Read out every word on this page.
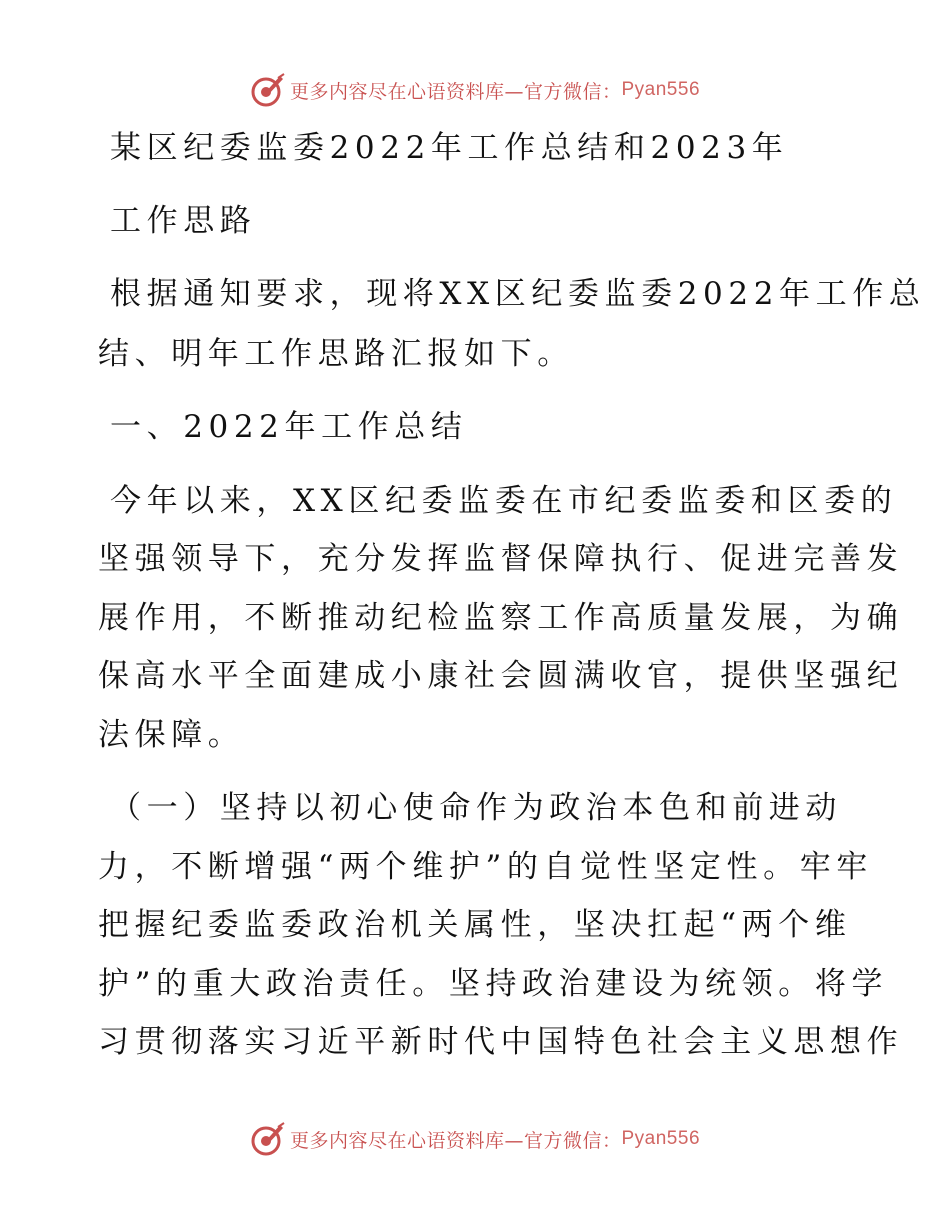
更多内容尽在心语资料库—官方微信： Pyan556
某区纪委监委2022年工作总结和2023年
工作思路
根据通知要求，现将XX区纪委监委2022年工作总
结、明年工作思路汇报如下。
一、2022年工作总结
今年以来，XX区纪委监委在市纪委监委和区委的
坚强领导下，充分发挥监督保障执行、促进完善发
展作用，不断推动纪检监察工作高质量发展，为确
保高水平全面建成小康社会圆满收官，提供坚强纪
法保障。
（一）坚持以初心使命作为政治本色和前进动
力，不断增强“两个维护”的自觉性坚定性。牢牢
把握纪委监委政治机关属性，坚决扛起“两个维
护”的重大政治责任。坚持政治建设为统领。将学
习贯彻落实习近平新时代中国特色社会主义思想作
更多内容尽在心语资料库—官方微信： Pyan556
